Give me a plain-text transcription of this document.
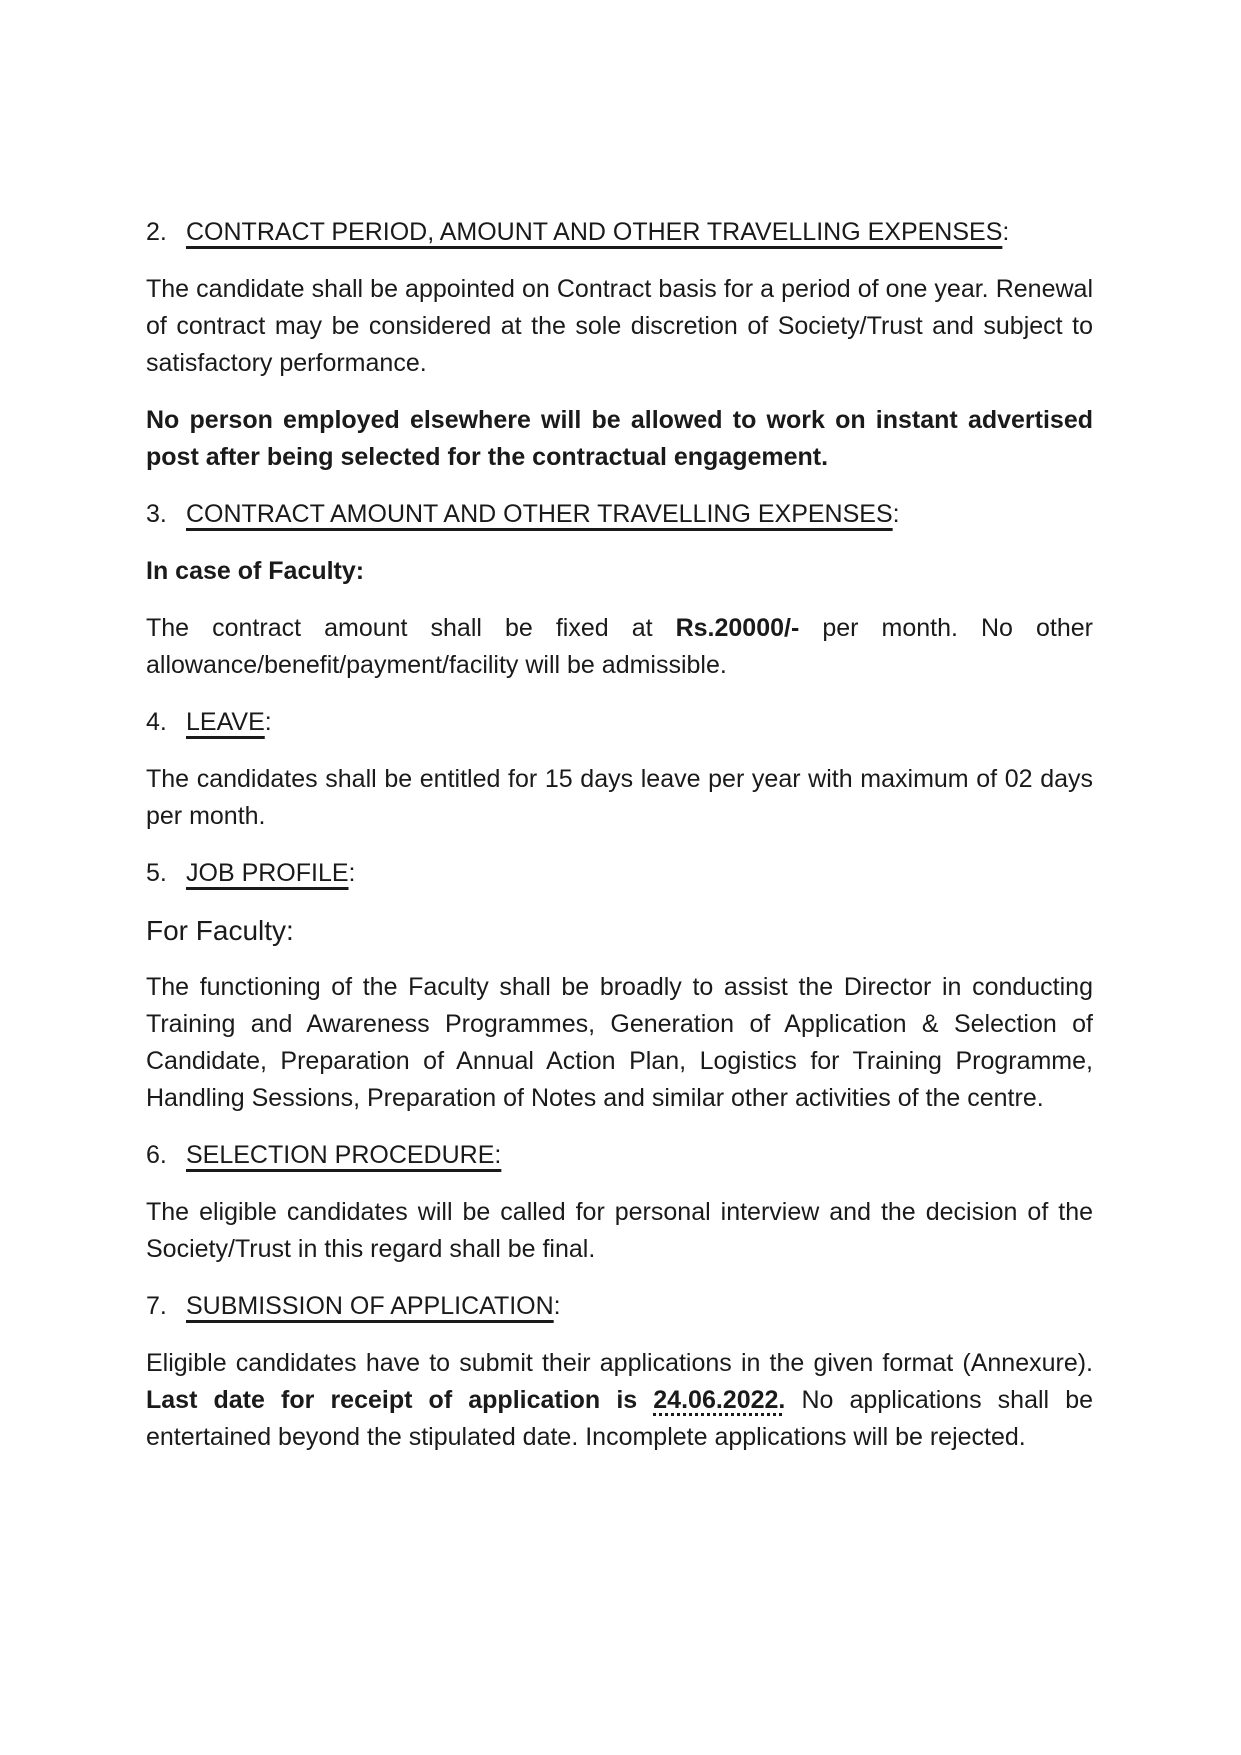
2. CONTRACT PERIOD, AMOUNT AND OTHER TRAVELLING EXPENSES:

The candidate shall be appointed on Contract basis for a period of one year. Renewal of contract may be considered at the sole discretion of Society/Trust and subject to satisfactory performance.

No person employed elsewhere will be allowed to work on instant advertised post after being selected for the contractual engagement.

3. CONTRACT AMOUNT AND OTHER TRAVELLING EXPENSES:
In case of Faculty:

The contract amount shall be fixed at Rs.20000/- per month. No other allowance/benefit/payment/facility will be admissible.

4. LEAVE:

The candidates shall be entitled for 15 days leave per year with maximum of 02 days per month.

5. JOB PROFILE:
For Faculty:

The functioning of the Faculty shall be broadly to assist the Director in conducting Training and Awareness Programmes, Generation of Application & Selection of Candidate, Preparation of Annual Action Plan, Logistics for Training Programme, Handling Sessions, Preparation of Notes and similar other activities of the centre.

6. SELECTION PROCEDURE:

The eligible candidates will be called for personal interview and the decision of the Society/Trust in this regard shall be final.

7. SUBMISSION OF APPLICATION:

Eligible candidates have to submit their applications in the given format (Annexure). Last date for receipt of application is 24.06.2022. No applications shall be entertained beyond the stipulated date. Incomplete applications will be rejected.
